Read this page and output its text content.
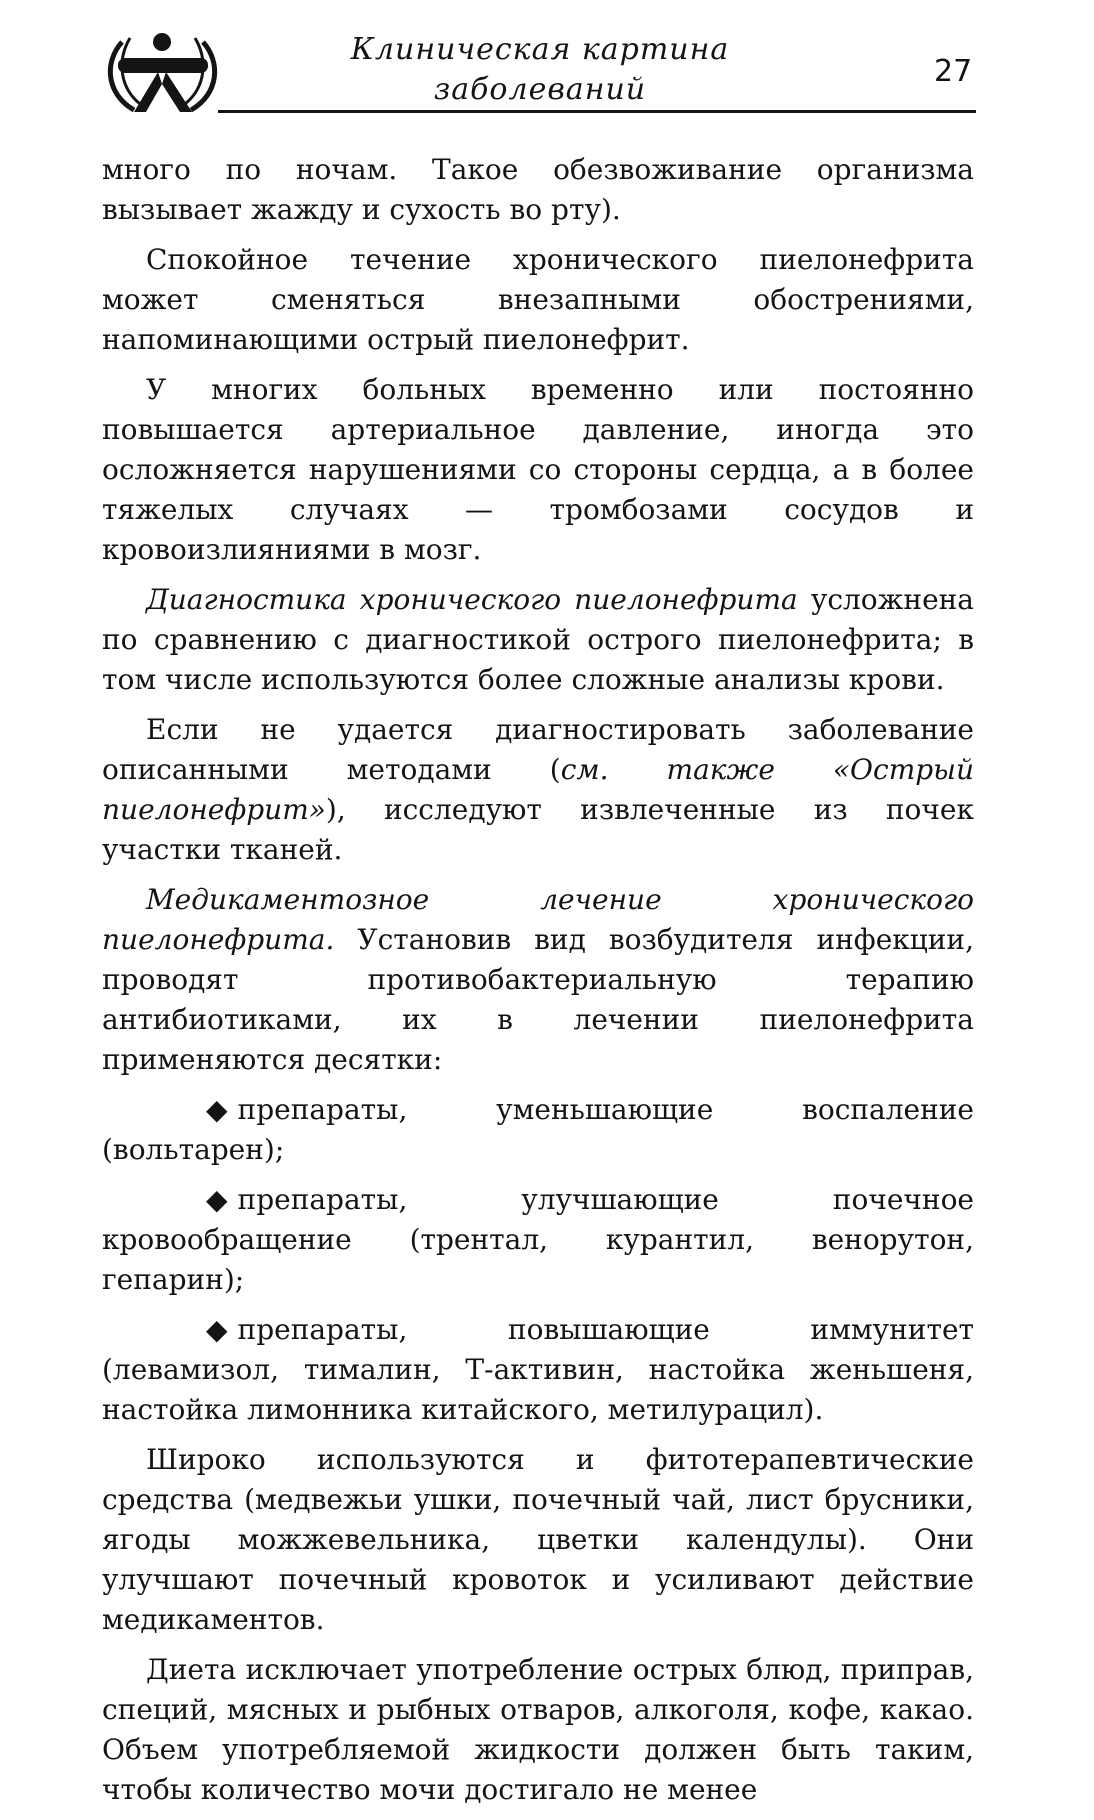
Клиническая картина
заболеваний
27

много по ночам. Такое обезвоживание организма вызывает жажду и сухость во рту).

Спокойное течение хронического пиелонефрита может сменяться внезапными обострениями, напоминающими острый пиелонефрит.

У многих больных временно или постоянно повышается артериальное давление, иногда это осложняется нарушениями со стороны сердца, а в более тяжелых случаях — тромбозами сосудов и кровоизлияниями в мозг.

Диагностика хронического пиелонефрита усложнена по сравнению с диагностикой острого пиелонефрита; в том числе используются более сложные анализы крови.

Если не удается диагностировать заболевание описанными методами (см. также «Острый пиелонефрит»), исследуют извлеченные из почек участки тканей.

Медикаментозное лечение хронического пиелонефрита. Установив вид возбудителя инфекции, проводят противобактериальную терапию антибиотиками, их в лечении пиелонефрита применяются десятки:

◆ препараты, уменьшающие воспаление (вольтарен);

◆ препараты, улучшающие почечное кровообращение (трентал, курантил, венорутон, гепарин);

◆ препараты, повышающие иммунитет (левамизол, тималин, Т-активин, настойка женьшеня, настойка лимонника китайского, метилурацил).

Широко используются и фитотерапевтические средства (медвежьи ушки, почечный чай, лист брусники, ягоды можжевельника, цветки календулы). Они улучшают почечный кровоток и усиливают действие медикаментов.

Диета исключает употребление острых блюд, приправ, специй, мясных и рыбных отваров, алкоголя, кофе, какао. Объем употребляемой жидкости должен быть таким, чтобы количество мочи достигало не менее
